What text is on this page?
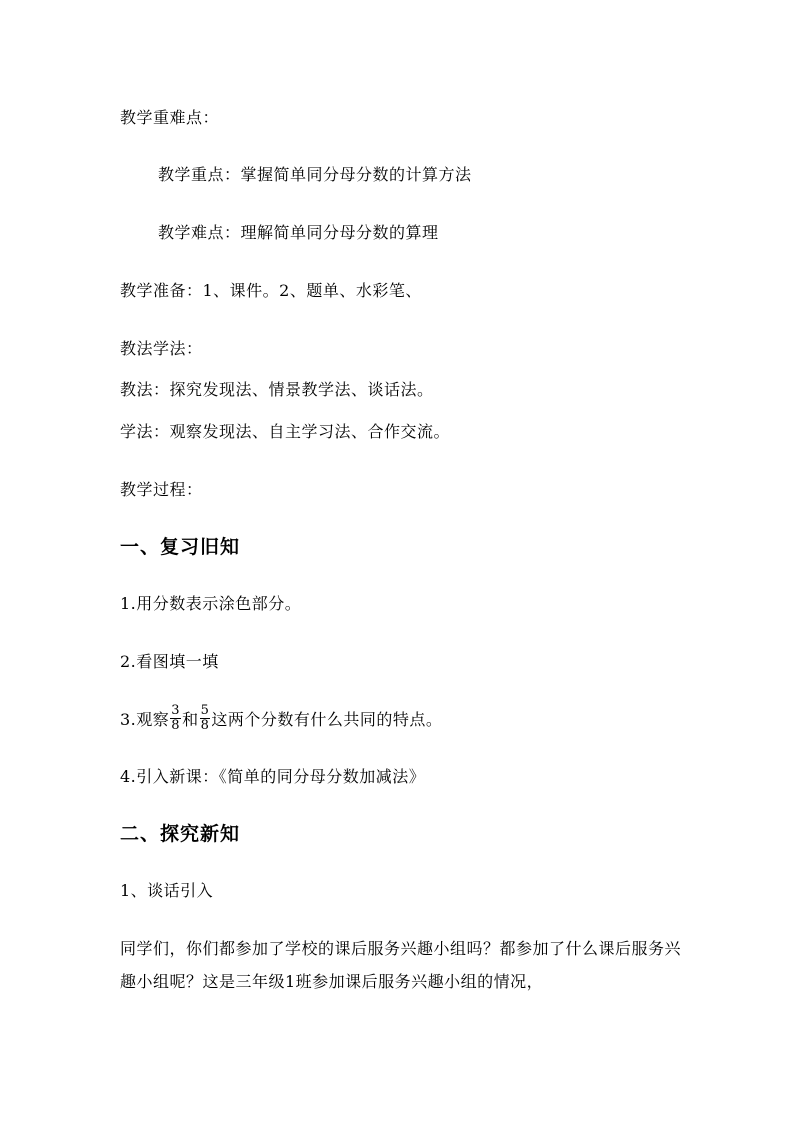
教学重难点：
教学重点：掌握简单同分母分数的计算方法
教学难点：理解简单同分母分数的算理
教学准备：1、课件。2、题单、水彩笔、
教法学法：
教法：探究发现法、情景教学法、谈话法。
学法：观察发现法、自主学习法、合作交流。
教学过程：
一、复习旧知
1.用分数表示涂色部分。
2.看图填一填
3.观察 $\frac{3}{8}$ 和 $\frac{5}{8}$ 这两个分数有什么共同的特点。
4.引入新课：《简单的同分母分数加减法》
二、探究新知
1、谈话引入
同学们，你们都参加了学校的课后服务兴趣小组吗？都参加了什么课后服务兴趣小组呢？这是三年级1班参加课后服务兴趣小组的情况，
